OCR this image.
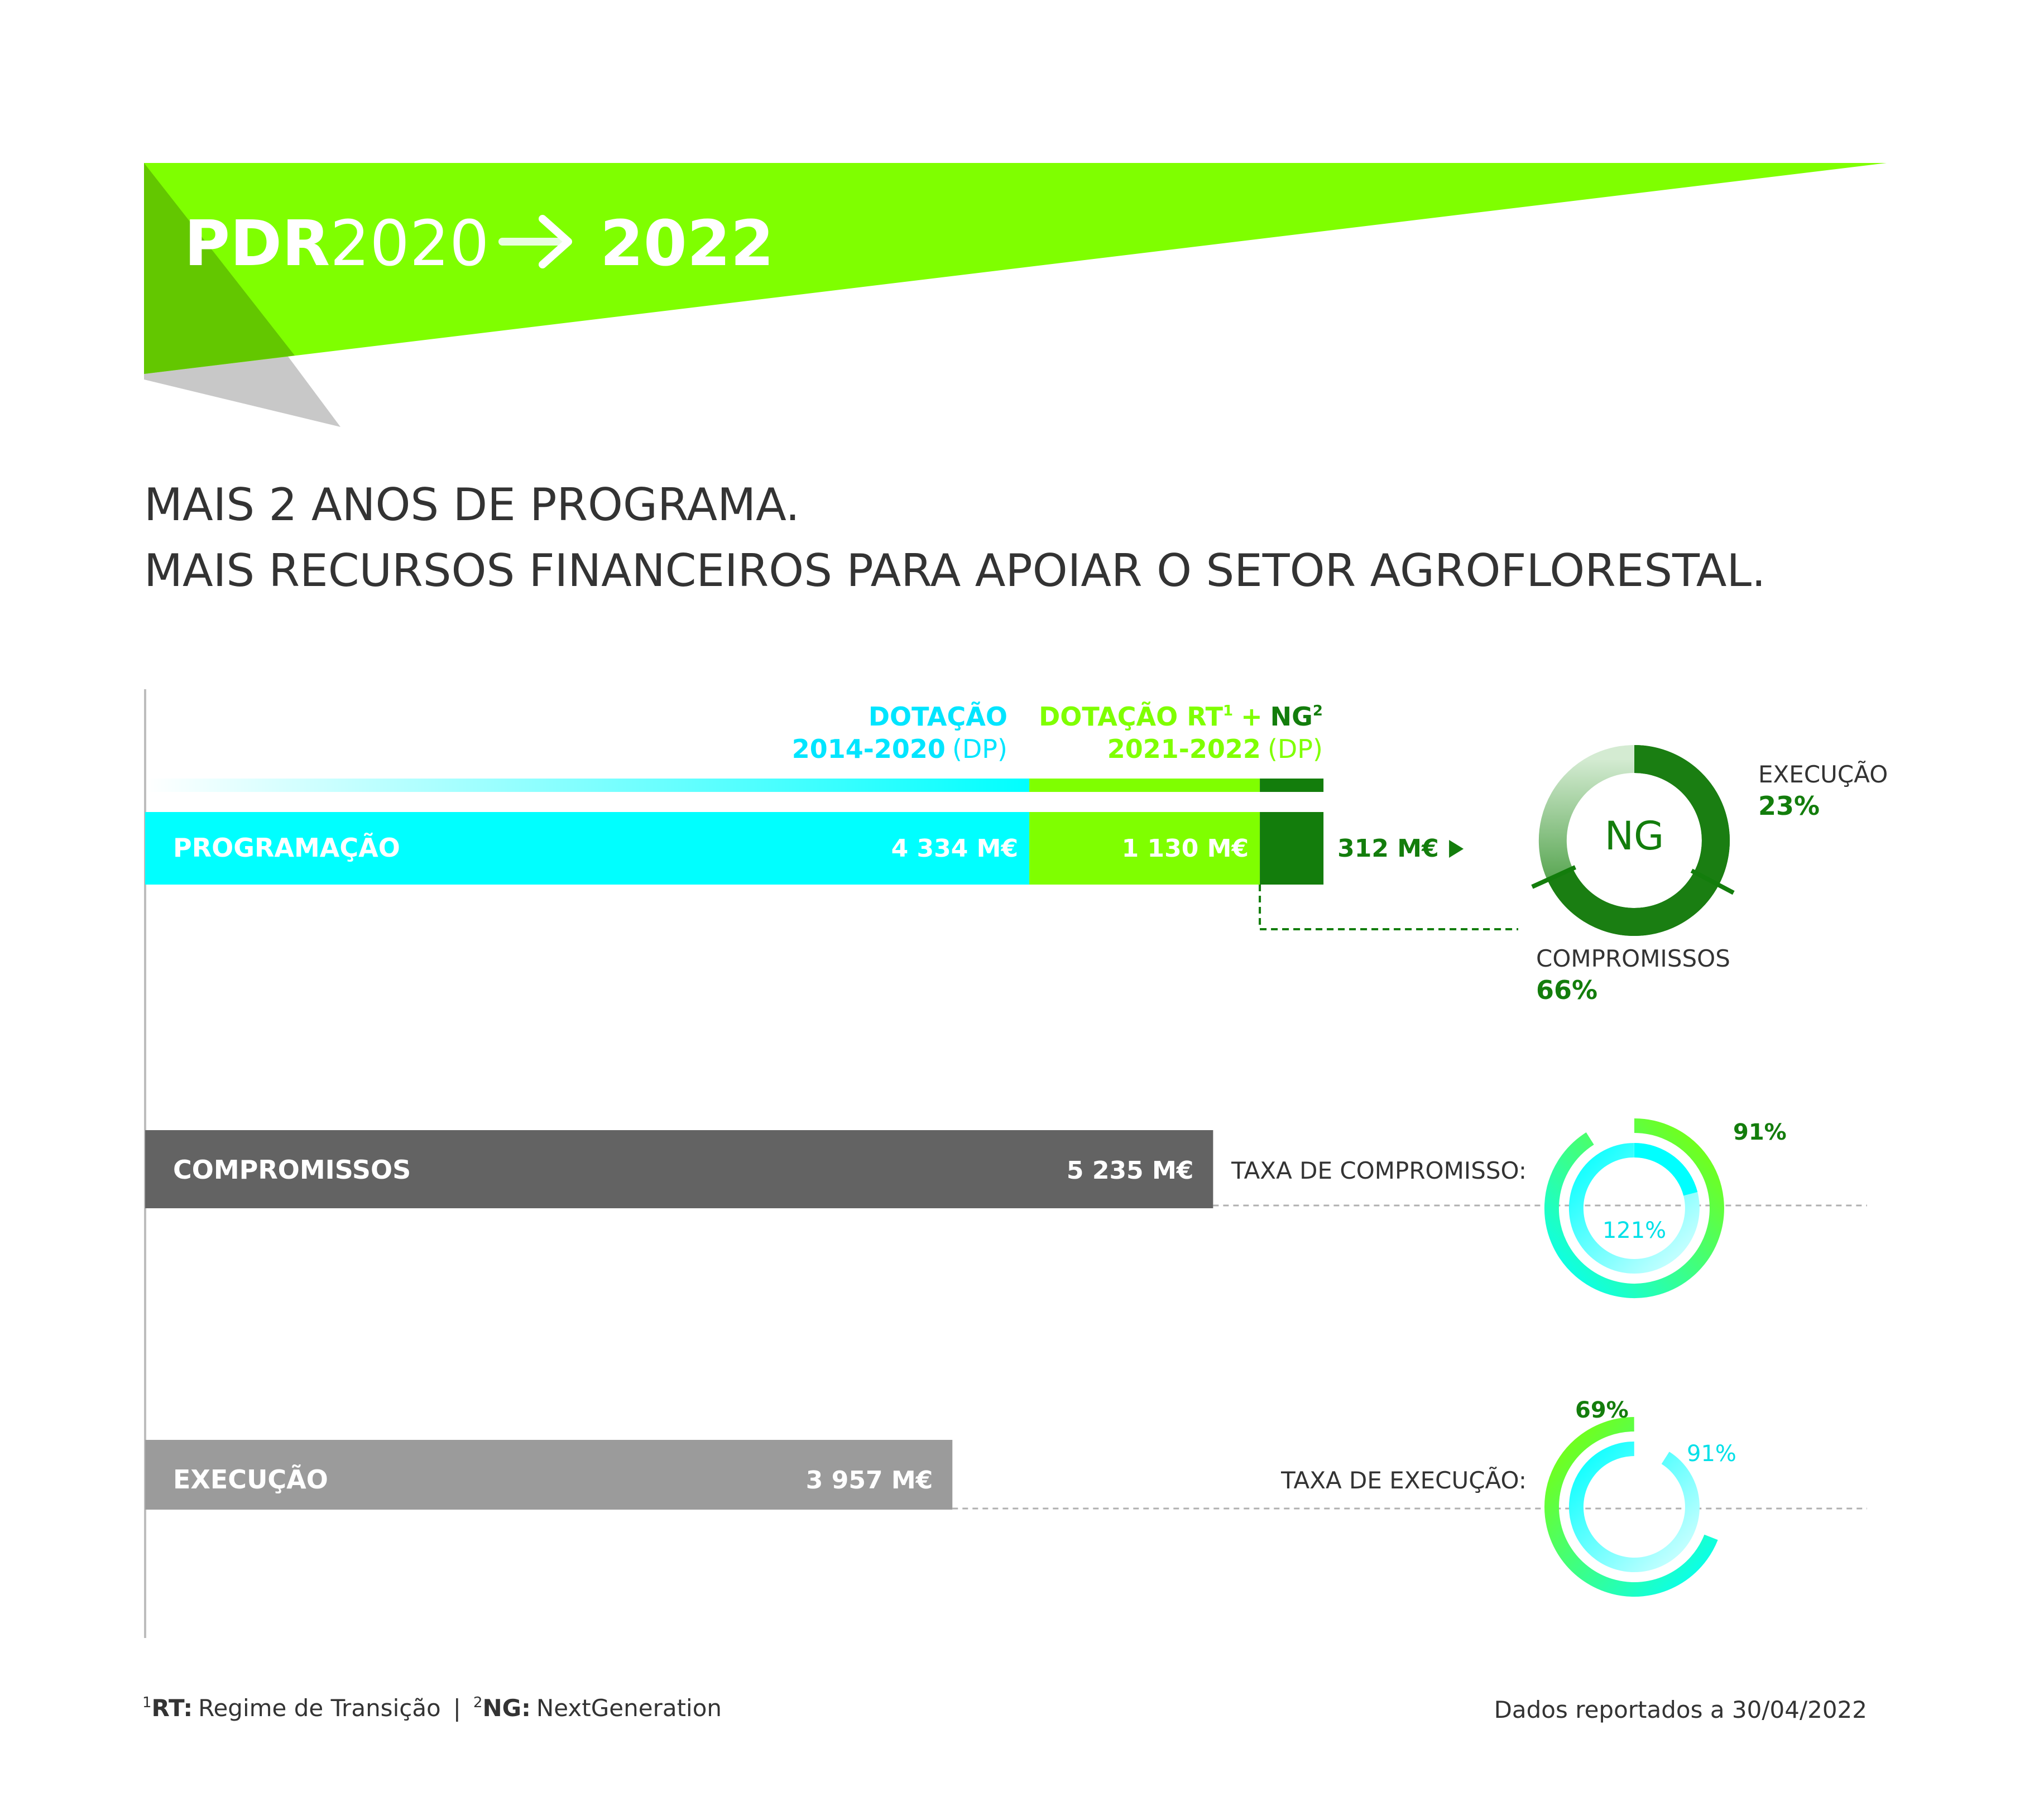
PDR2020 2022
MAIS 2 ANOS DE PROGRAMA.
MAIS RECURSOS FINANCEIROS PARA APOIAR O SETOR AGROFLORESTAL.
DOTAÇÃO
2014-2020 (DP)
DOTAÇÃO $RT^1 + NG^2$
2021-2022 (DP)
PROGRAMAÇÃO	4 334 M€	1 130 M€	312 M€	NG
EXECUÇÃO
23%
COMPROMISSOS
66%
COMPROMISSOS	5 235 M€ TAXA DE COMPROMISSO:
91%
121%
EXECUÇÃO	3 957 M€	TAXA DE EXECUÇÃO:
69%
91%
$^1$RT: Regime de Transição | $^2$NG: NextGeneration	Dados reportados a 30/04/2022
